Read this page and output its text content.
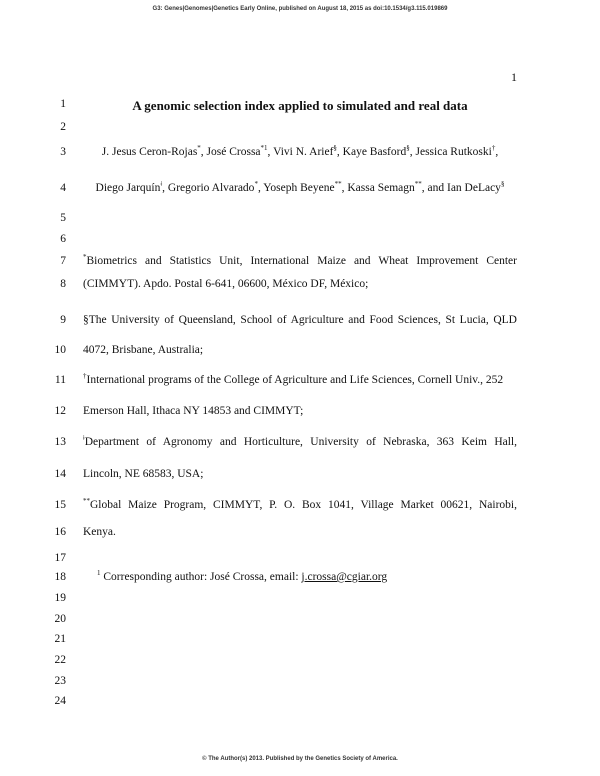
G3: Genes|Genomes|Genetics Early Online, published on August 18, 2015 as doi:10.1534/g3.115.019869
1
1
2
3
4
5
6
7
8
9
10
11
12
13
14
15
16
17
18
19
20
21
22
23
24
A genomic selection index applied to simulated and real data
J. Jesus Ceron-Rojas*, José Crossa$^{*1}$, Vivi N. Arief§, Kaye Basford§, Jessica Rutkoski†,
Diego Jarquín$^ǂ$, Gregorio Alvarado*, Yoseph Beyene**, Kassa Semagn**, and Ian DeLacy§
*Biometrics and Statistics Unit, International Maize and Wheat Improvement Center
(CIMMYT). Apdo. Postal 6-641, 06600, México DF, México;
§The University of Queensland, School of Agriculture and Food Sciences, St Lucia, QLD
4072, Brisbane, Australia;
†International programs of the College of Agriculture and Life Sciences, Cornell Univ., 252
Emerson Hall, Ithaca NY 14853 and CIMMYT;
$^ǂ$Department of Agronomy and Horticulture, University of Nebraska, 363 Keim Hall,
Lincoln, NE 68583, USA;
**Global Maize Program, CIMMYT, P. O. Box 1041, Village Market 00621, Nairobi,
Kenya.
$^1$ Corresponding author: José Crossa, email: j.crossa@cgiar.org
© The Author(s) 2013. Published by the Genetics Society of America.
